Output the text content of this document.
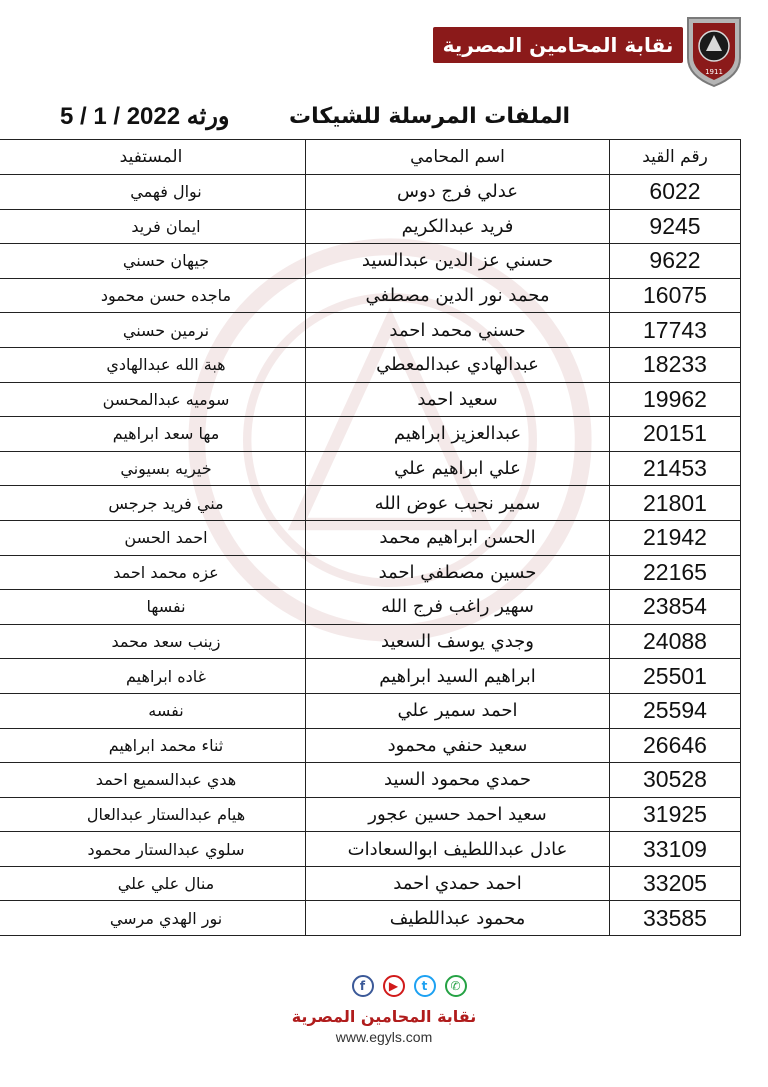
نقابة المحامين المصرية
1911
5 / 1 / 2022 ورثه	الملفات المرسلة للشيكات
رقم القيد	اسم المحامي	المستفيد
6022	عدلي فرج دوس	نوال فهمي
9245	فريد عبدالكريم	ايمان فريد
9622	حسني عز الدين عبدالسيد	جيهان حسني
16075	محمد نور الدين مصطفي	ماجده حسن محمود
17743	حسني محمد احمد	نرمين حسني
18233	عبدالهادي عبدالمعطي	هبة الله عبدالهادي
19962	سعيد احمد	سوميه عبدالمحسن
20151	عبدالعزيز ابراهيم	مها سعد ابراهيم
21453	علي ابراهيم علي	خيريه بسيوني
21801	سمير نجيب عوض الله	مني فريد جرجس
21942	الحسن ابراهيم محمد	احمد الحسن
22165	حسين مصطفي احمد	عزه محمد احمد
23854	سهير راغب فرج الله	نفسها
24088	وجدي يوسف السعيد	زينب سعد محمد
25501	ابراهيم السيد ابراهيم	غاده ابراهيم
25594	احمد سمير علي	نفسه
26646	سعيد حنفي محمود	ثناء محمد ابراهيم
30528	حمدي محمود السيد	هدي عبدالسميع احمد
31925	سعيد احمد حسين عجور	هيام عبدالستار عبدالعال
33109	عادل عبداللطيف ابوالسعادات	سلوي عبدالستار محمود
33205	احمد حمدي احمد	منال علي علي
33585	محمود عبداللطيف	نور الهدي مرسي
f	▶	t	✆
نقابة المحامين المصرية
www.egyls.com
